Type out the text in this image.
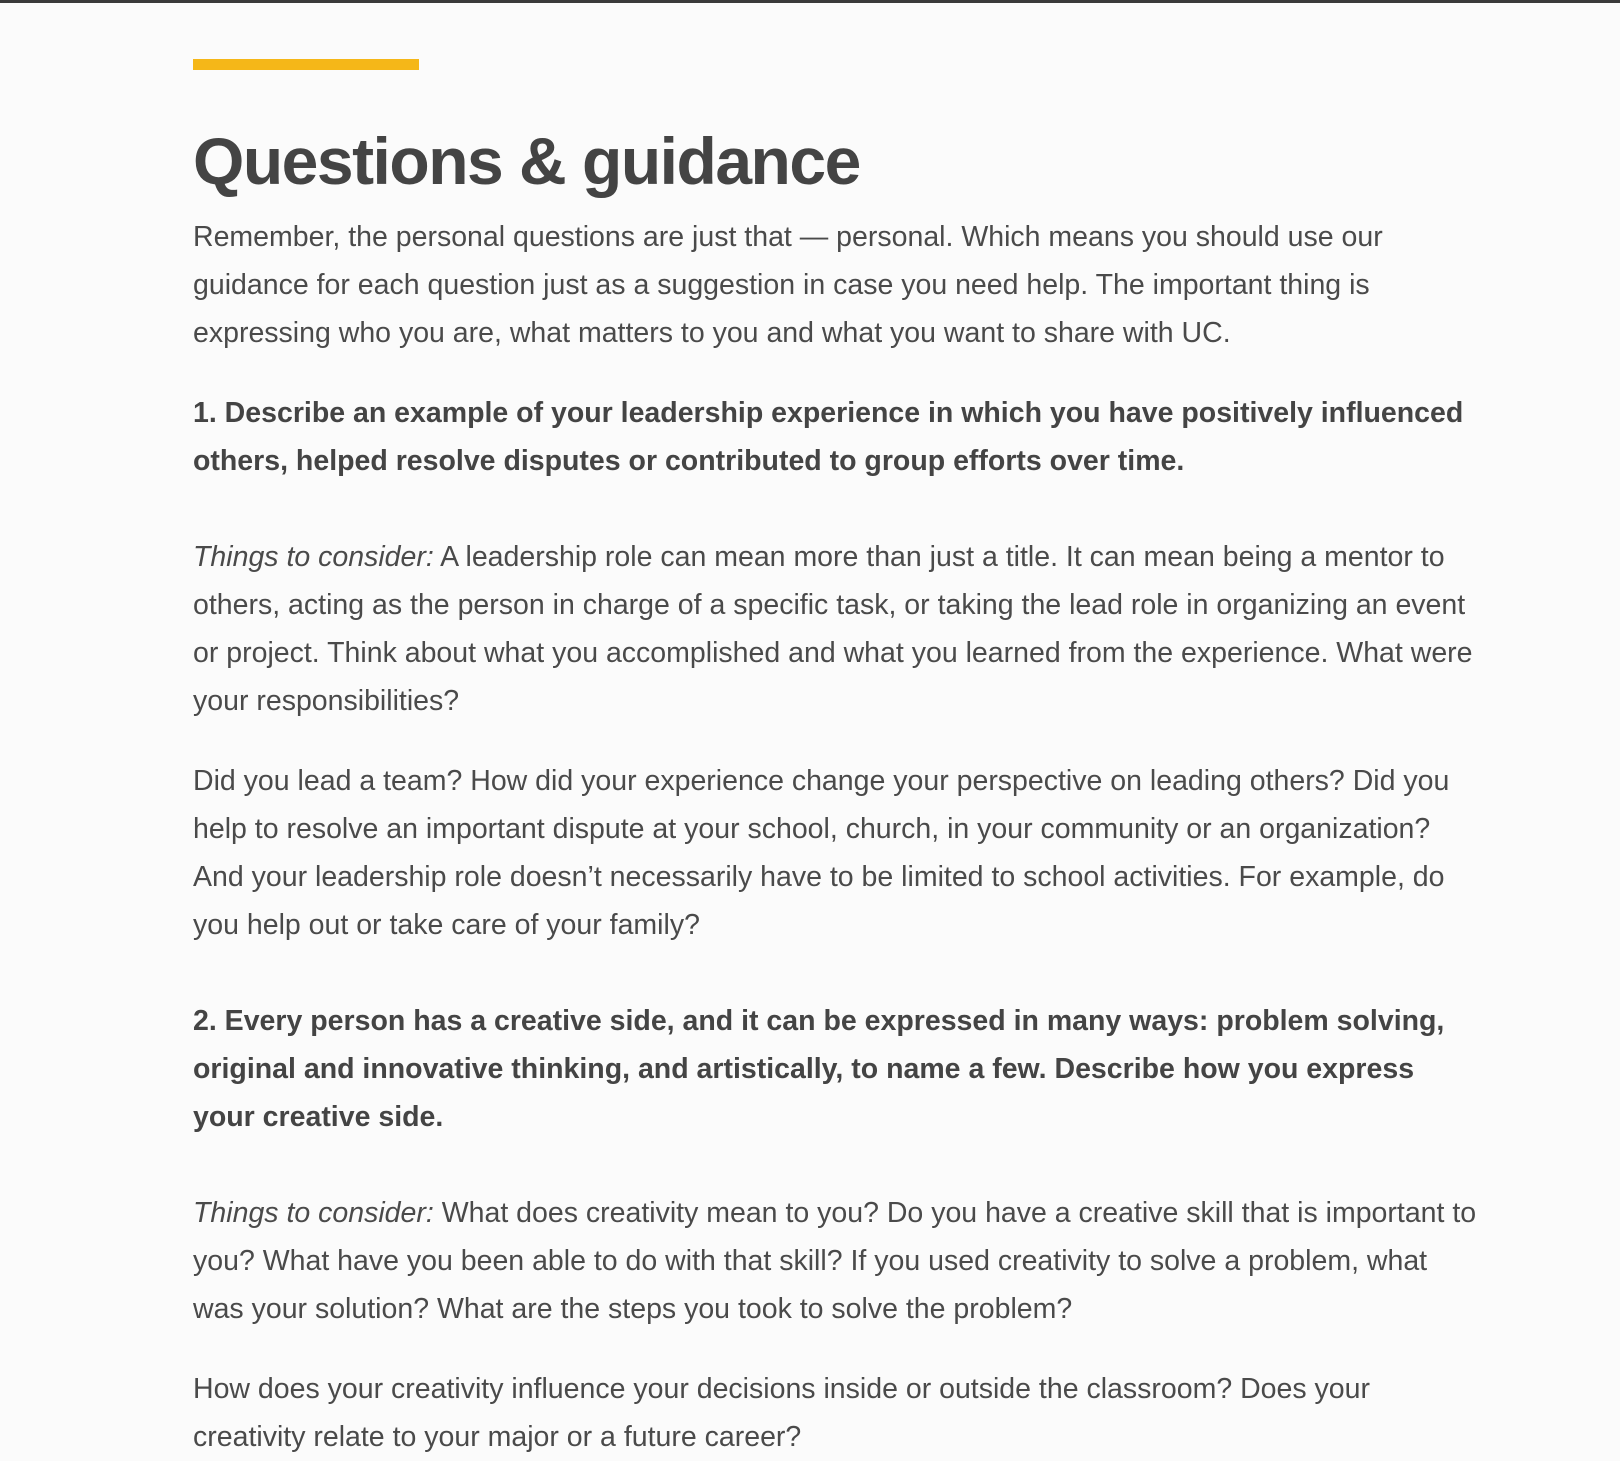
Questions & guidance

Remember, the personal questions are just that — personal. Which means you should use our guidance for each question just as a suggestion in case you need help. The important thing is expressing who you are, what matters to you and what you want to share with UC.

1. Describe an example of your leadership experience in which you have positively influenced others, helped resolve disputes or contributed to group efforts over time.

Things to consider: A leadership role can mean more than just a title. It can mean being a mentor to others, acting as the person in charge of a specific task, or taking the lead role in organizing an event or project. Think about what you accomplished and what you learned from the experience. What were your responsibilities?

Did you lead a team? How did your experience change your perspective on leading others? Did you help to resolve an important dispute at your school, church, in your community or an organization? And your leadership role doesn’t necessarily have to be limited to school activities. For example, do you help out or take care of your family?

2. Every person has a creative side, and it can be expressed in many ways: problem solving, original and innovative thinking, and artistically, to name a few. Describe how you express your creative side.

Things to consider: What does creativity mean to you? Do you have a creative skill that is important to you? What have you been able to do with that skill? If you used creativity to solve a problem, what was your solution? What are the steps you took to solve the problem?

How does your creativity influence your decisions inside or outside the classroom? Does your creativity relate to your major or a future career?
